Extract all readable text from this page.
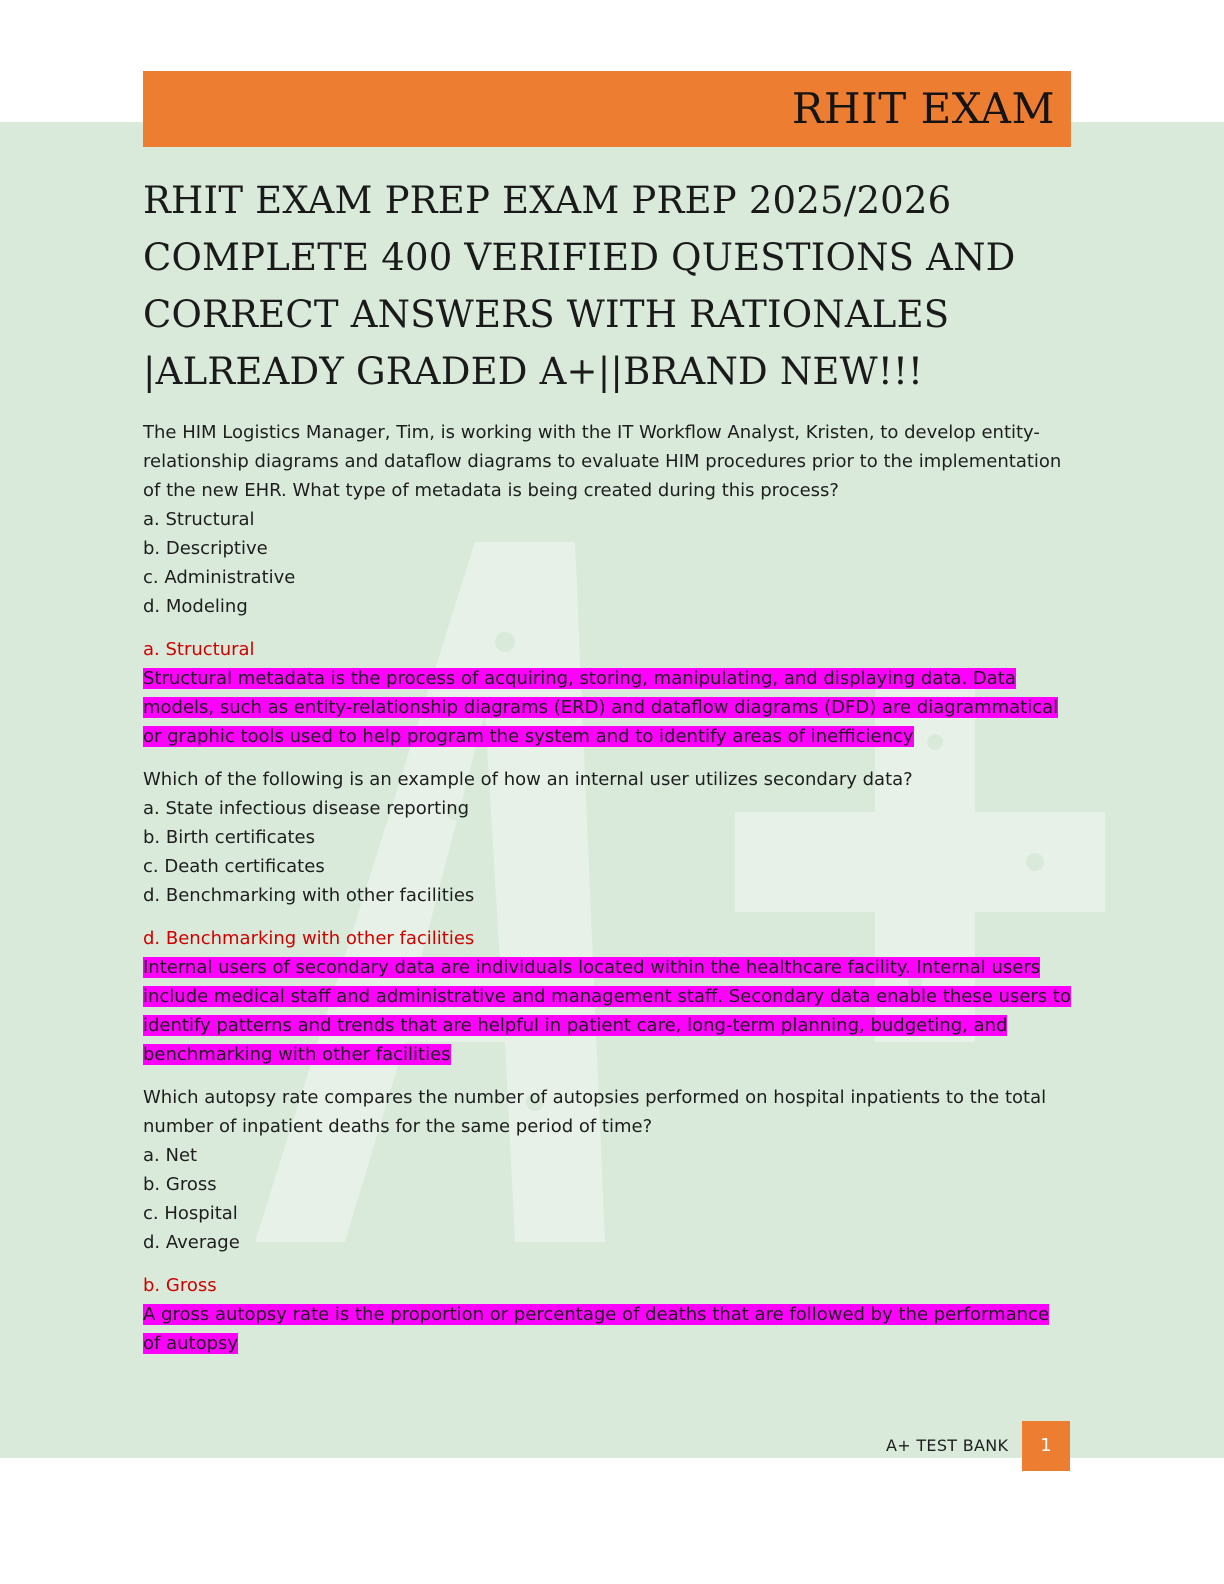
RHIT EXAM
RHIT EXAM PREP EXAM PREP 2025/2026 COMPLETE 400 VERIFIED QUESTIONS AND CORRECT ANSWERS WITH RATIONALES |ALREADY GRADED A+||BRAND NEW!!!

The HIM Logistics Manager, Tim, is working with the IT Workflow Analyst, Kristen, to develop entity-relationship diagrams and dataflow diagrams to evaluate HIM procedures prior to the implementation of the new EHR. What type of metadata is being created during this process?

a. Structural
b. Descriptive
c. Administrative
d. Modeling
a. Structural

Structural metadata is the process of acquiring, storing, manipulating, and displaying data. Data models, such as entity-relationship diagrams (ERD) and dataflow diagrams (DFD) are diagrammatical or graphic tools used to help program the system and to identify areas of inefficiency

Which of the following is an example of how an internal user utilizes secondary data?

a. State infectious disease reporting
b. Birth certificates
c. Death certificates
d. Benchmarking with other facilities
d. Benchmarking with other facilities

Internal users of secondary data are individuals located within the healthcare facility. Internal users include medical staff and administrative and management staff. Secondary data enable these users to identify patterns and trends that are helpful in patient care, long-term planning, budgeting, and benchmarking with other facilities

Which autopsy rate compares the number of autopsies performed on hospital inpatients to the total number of inpatient deaths for the same period of time?

a. Net
b. Gross
c. Hospital
d. Average
b. Gross

A gross autopsy rate is the proportion or percentage of deaths that are followed by the performance of autopsy

A+ TEST BANK	1
